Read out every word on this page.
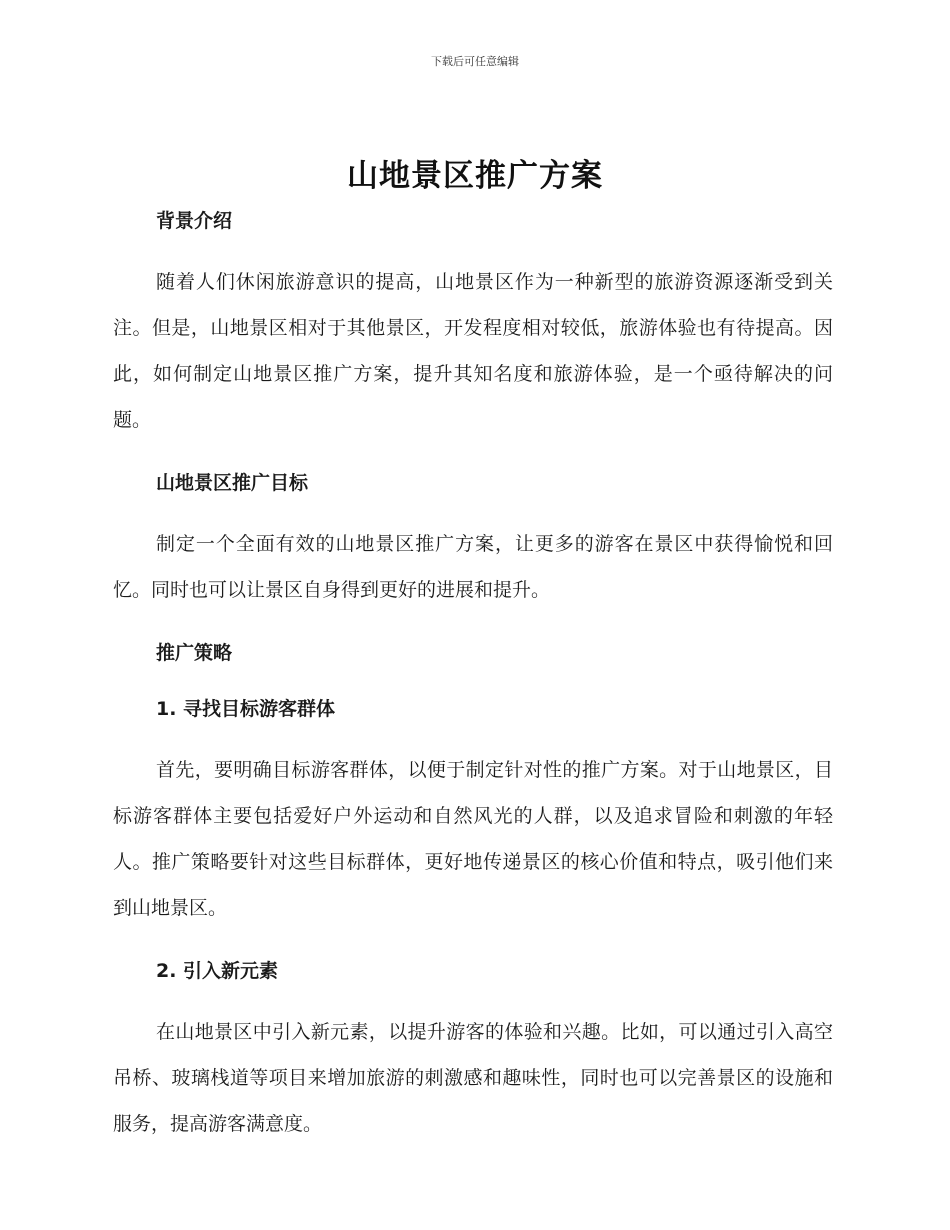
下载后可任意编辑
山地景区推广方案
背景介绍

随着人们休闲旅游意识的提高，山地景区作为一种新型的旅游资源逐渐受到关注。但是，山地景区相对于其他景区，开发程度相对较低，旅游体验也有待提高。因此，如何制定山地景区推广方案，提升其知名度和旅游体验，是一个亟待解决的问题。

山地景区推广目标

制定一个全面有效的山地景区推广方案，让更多的游客在景区中获得愉悦和回忆。同时也可以让景区自身得到更好的进展和提升。

推广策略
1. 寻找目标游客群体

首先，要明确目标游客群体，以便于制定针对性的推广方案。对于山地景区，目标游客群体主要包括爱好户外运动和自然风光的人群，以及追求冒险和刺激的年轻人。推广策略要针对这些目标群体，更好地传递景区的核心价值和特点，吸引他们来到山地景区。

2. 引入新元素

在山地景区中引入新元素，以提升游客的体验和兴趣。比如，可以通过引入高空吊桥、玻璃栈道等项目来增加旅游的刺激感和趣味性，同时也可以完善景区的设施和服务，提高游客满意度。
